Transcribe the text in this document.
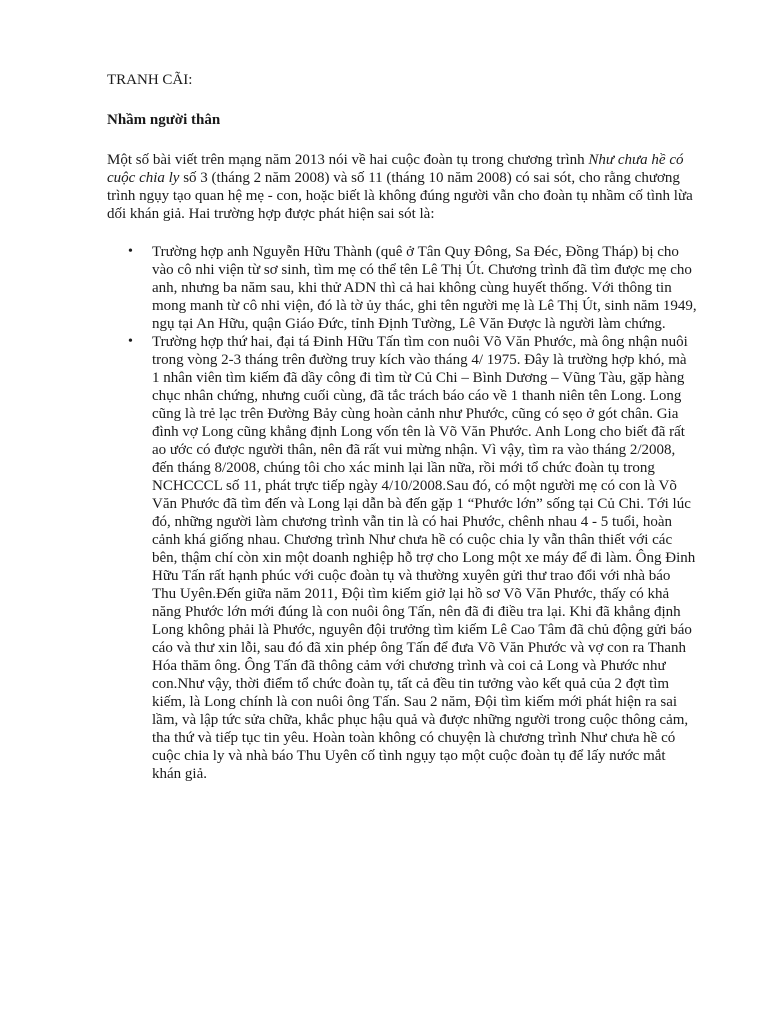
TRANH CÃI:

Nhầm người thân

Một số bài viết trên mạng năm 2013 nói về hai cuộc đoàn tụ trong chương trình Như chưa hề có cuộc chia ly số 3 (tháng 2 năm 2008) và số 11 (tháng 10 năm 2008) có sai sót, cho rằng chương trình ngụy tạo quan hệ mẹ - con, hoặc biết là không đúng người vẫn cho đoàn tụ nhầm cố tình lừa dối khán giả. Hai trường hợp được phát hiện sai sót là:

• Trường hợp anh Nguyễn Hữu Thành (quê ở Tân Quy Đông, Sa Đéc, Đồng Tháp) bị cho vào cô nhi viện từ sơ sinh, tìm mẹ có thể tên Lê Thị Út. Chương trình đã tìm được mẹ cho anh, nhưng ba năm sau, khi thử ADN thì cả hai không cùng huyết thống. Với thông tin mong manh từ cô nhi viện, đó là tờ ủy thác, ghi tên người mẹ là Lê Thị Út, sinh năm 1949, ngụ tại An Hữu, quận Giáo Đức, tỉnh Định Tường, Lê Văn Được là người làm chứng.
• Trường hợp thứ hai, đại tá Đinh Hữu Tấn tìm con nuôi Võ Văn Phước, mà ông nhận nuôi trong vòng 2-3 tháng trên đường truy kích vào tháng 4/ 1975. Đây là trường hợp khó, mà 1 nhân viên tìm kiếm đã dầy công đi tìm từ Củ Chi – Bình Dương – Vũng Tàu, gặp hàng chục nhân chứng, nhưng cuối cùng, đã tắc trách báo cáo về 1 thanh niên tên Long. Long cũng là trẻ lạc trên Đường Bảy cùng hoàn cảnh như Phước, cũng có sẹo ở gót chân. Gia đình vợ Long cũng khẳng định Long vốn tên là Võ Văn Phước. Anh Long cho biết đã rất ao ước có được người thân, nên đã rất vui mừng nhận. Vì vậy, tìm ra vào tháng 2/2008, đến tháng 8/2008, chúng tôi cho xác minh lại lần nữa, rồi mới tổ chức đoàn tụ trong NCHCCCL số 11, phát trực tiếp ngày 4/10/2008.Sau đó, có một người mẹ có con là Võ Văn Phước đã tìm đến và Long lại dẫn bà đến gặp 1 “Phước lớn” sống tại Củ Chi. Tới lúc đó, những người làm chương trình vẫn tin là có hai Phước, chênh nhau 4 - 5 tuổi, hoàn cảnh khá giống nhau. Chương trình Như chưa hề có cuộc chia ly vẫn thân thiết với các bên, thậm chí còn xin một doanh nghiệp hỗ trợ cho Long một xe máy để đi làm. Ông Đinh Hữu Tấn rất hạnh phúc với cuộc đoàn tụ và thường xuyên gửi thư trao đổi với nhà báo Thu Uyên.Đến giữa năm 2011, Đội tìm kiếm giở lại hồ sơ Võ Văn Phước, thấy có khả năng Phước lớn mới đúng là con nuôi ông Tấn, nên đã đi điều tra lại. Khi đã khẳng định Long không phải là Phước, nguyên đội trưởng tìm kiếm Lê Cao Tâm đã chủ động gửi báo cáo và thư xin lỗi, sau đó đã xin phép ông Tấn để đưa Võ Văn Phước và vợ con ra Thanh Hóa thăm ông. Ông Tấn đã thông cảm với chương trình và coi cả Long và Phước như con.Như vậy, thời điểm tổ chức đoàn tụ, tất cả đều tin tưởng vào kết quả của 2 đợt tìm kiếm, là Long chính là con nuôi ông Tấn. Sau 2 năm, Đội tìm kiếm mới phát hiện ra sai lầm, và lập tức sửa chữa, khắc phục hậu quả và được những người trong cuộc thông cảm, tha thứ và tiếp tục tin yêu. Hoàn toàn không có chuyện là chương trình Như chưa hề có cuộc chia ly và nhà báo Thu Uyên cố tình ngụy tạo một cuộc đoàn tụ để lấy nước mắt khán giả.
